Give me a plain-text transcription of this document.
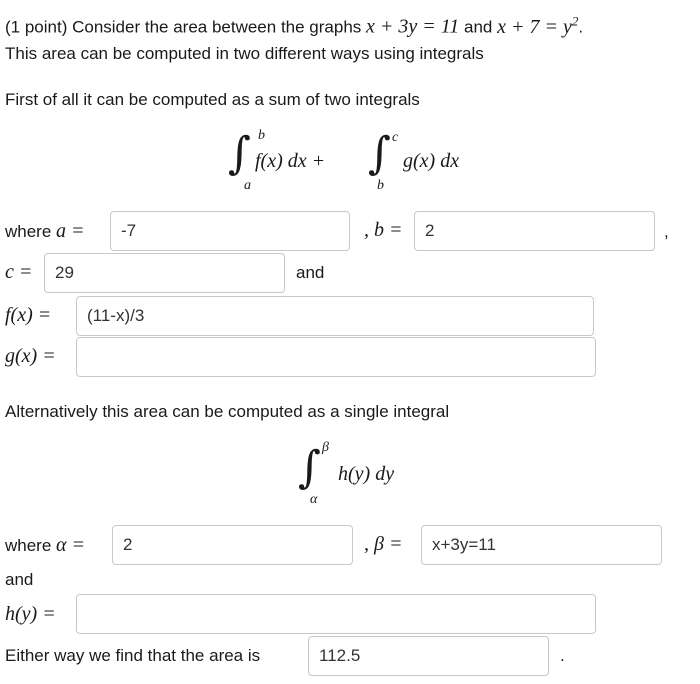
(1 point) Consider the area between the graphs x + 3y = 11 and $x + 7 = y^2$.
This area can be computed in two different ways using integrals
First of all it can be computed as a sum of two integrals
∫ b
a
f(x) dx + ∫ c
b
g(x) dx
where a =
-7	, b =
2	,
c =
29	and
f(x) =
(11-x)/3
g(x) =
Alternatively this area can be computed as a single integral
∫ β
α
h(y) dy
where α =
2	, β =
x+3y=11
and
h(y) =
Either way we find that the area is
112.5	.
